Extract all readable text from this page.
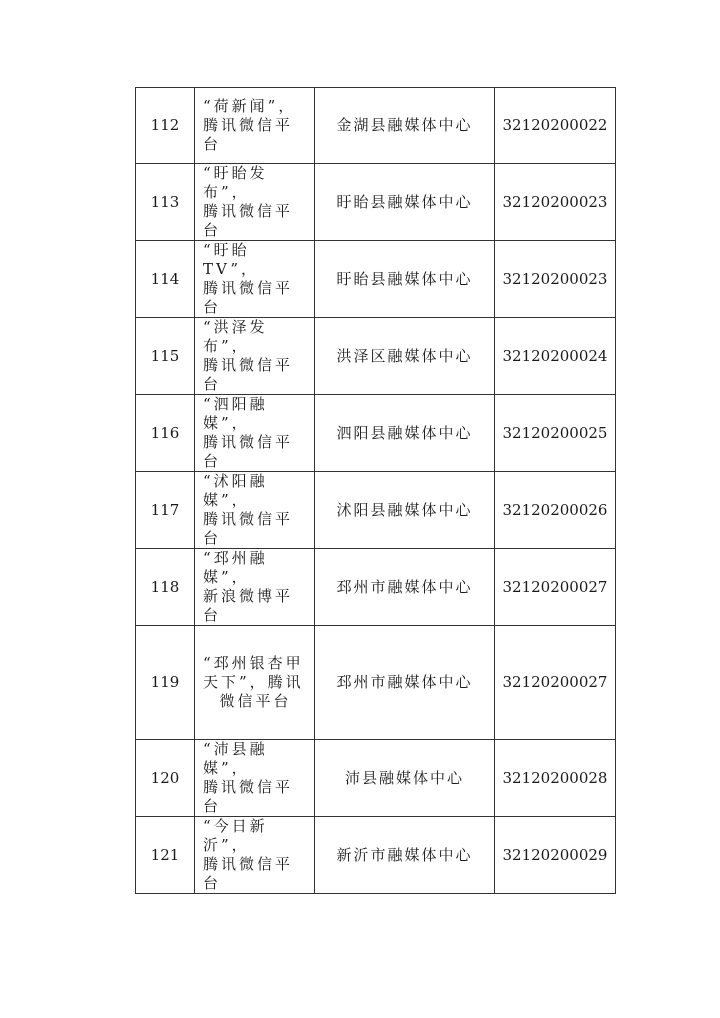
112	“荷新闻”，
腾讯微信平台	金湖县融媒体中心	32120200022
113	“盱眙发布”，
腾讯微信平台	盱眙县融媒体中心	32120200023
114	“盱眙 TV”，
腾讯微信平台	盱眙县融媒体中心	32120200023
115	“洪泽发布”，
腾讯微信平台	洪泽区融媒体中心	32120200024
116	“泗阳融媒”，
腾讯微信平台	泗阳县融媒体中心	32120200025
117	“沭阳融媒”，
腾讯微信平台	沭阳县融媒体中心	32120200026
118	“邳州融媒”，
新浪微博平台	邳州市融媒体中心	32120200027
119	“邳州银杏甲
天下”，腾讯
微信平台	邳州市融媒体中心	32120200027
120	“沛县融媒”，
腾讯微信平台	沛县融媒体中心	32120200028
121	“今日新沂”，
腾讯微信平台	新沂市融媒体中心	32120200029
